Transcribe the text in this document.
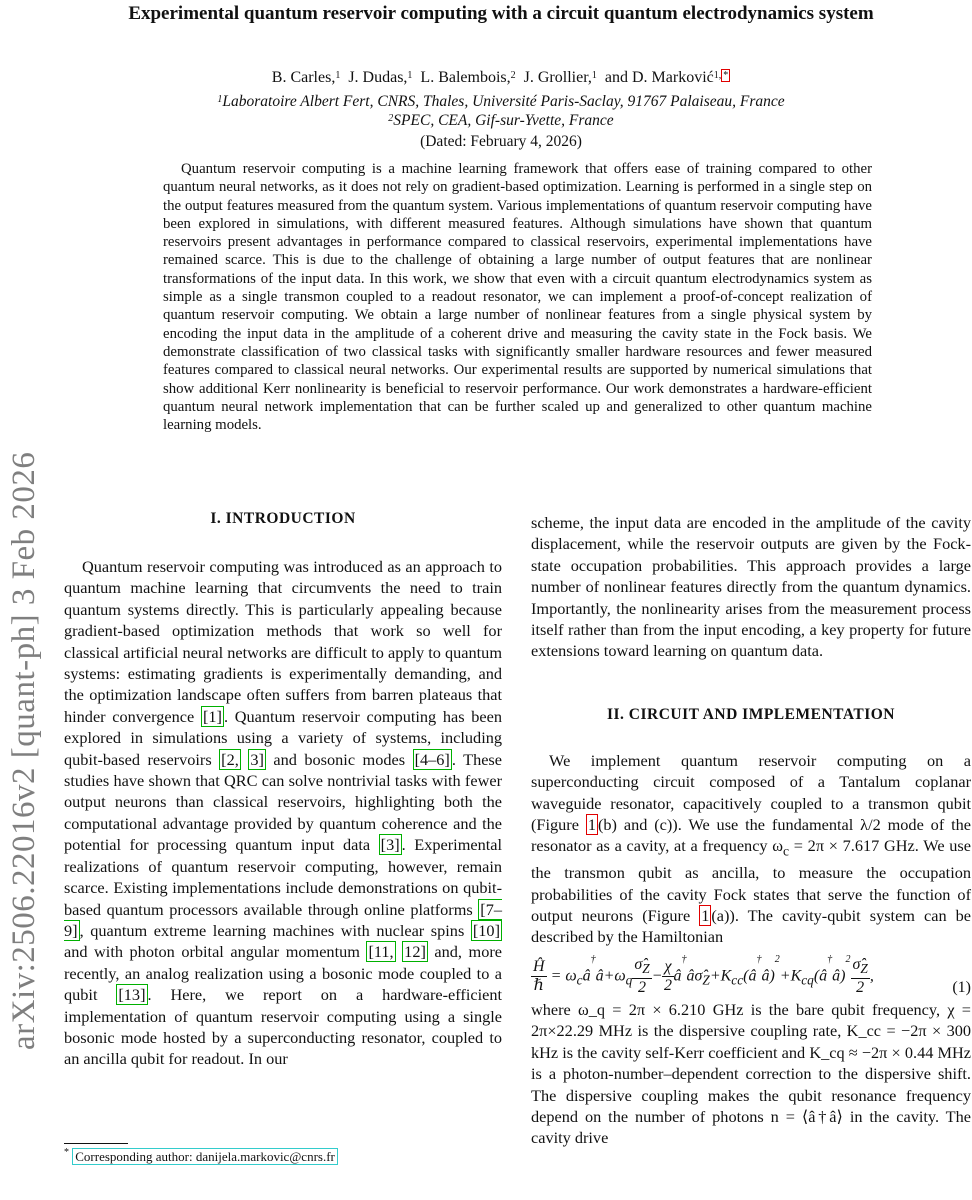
Experimental quantum reservoir computing with a circuit quantum electrodynamics system
B. Carles,$^1$ J. Dudas,$^1$ L. Balembois,$^2$ J. Grollier,$^1$ and D. Marković$^{1,}$ *
$^1$Laboratoire Albert Fert, CNRS, Thales, Université Paris-Saclay, 91767 Palaiseau, France
$^2$SPEC, CEA, Gif-sur-Yvette, France
(Dated: February 4, 2026)
Quantum reservoir computing is a machine learning framework that offers ease of training compared to other quantum neural networks, as it does not rely on gradient-based optimization. Learning is performed in a single step on the output features measured from the quantum system. Various implementations of quantum reservoir computing have been explored in simulations, with different measured features. Although simulations have shown that quantum reservoirs present advantages in performance compared to classical reservoirs, experimental implementations have remained scarce. This is due to the challenge of obtaining a large number of output features that are nonlinear transformations of the input data. In this work, we show that even with a circuit quantum electrodynamics system as simple as a single transmon coupled to a readout resonator, we can implement a proof-of-concept realization of quantum reservoir computing. We obtain a large number of nonlinear features from a single physical system by encoding the input data in the amplitude of a coherent drive and measuring the cavity state in the Fock basis. We demonstrate classification of two classical tasks with significantly smaller hardware resources and fewer measured features compared to classical neural networks. Our experimental results are supported by numerical simulations that show additional Kerr nonlinearity is beneficial to reservoir performance. Our work demonstrates a hardware-efficient quantum neural network implementation that can be further scaled up and generalized to other quantum machine learning models.
arXiv:2506.22016v2 [quant-ph] 3 Feb 2026	I. INTRODUCTION

Quantum reservoir computing was introduced as an approach to quantum machine learning that circumvents the need to train quantum systems directly. This is particularly appealing because gradient-based optimization methods that work so well for classical artificial neural networks are difficult to apply to quantum systems: estimating gradients is experimentally demanding, and the optimization landscape often suffers from barren plateaus that hinder convergence [1] . Quantum reservoir computing has been explored in simulations using a variety of systems, including qubit-based reservoirs [2, 3] and bosonic modes [4–6] . These studies have shown that QRC can solve nontrivial tasks with fewer output neurons than classical reservoirs, highlighting both the computational advantage provided by quantum coherence and the potential for processing quantum input data [3] . Experimental realizations of quantum reservoir computing, however, remain scarce. Existing implementations include demonstrations on qubit-based quantum processors available through online platforms [7–9] , quantum extreme learning machines with nuclear spins [10] and with photon orbital angular momentum [11, 12] and, more recently, an analog realization using a bosonic mode coupled to a qubit [13] . Here, we report on a hardware-efficient implementation of quantum reservoir computing using a single bosonic mode hosted by a superconducting resonator, coupled to an ancilla qubit for readout. In our

scheme, the input data are encoded in the amplitude of the cavity displacement, while the reservoir outputs are given by the Fock-state occupation probabilities. This approach provides a large number of nonlinear features directly from the quantum dynamics. Importantly, the nonlinearity arises from the measurement process itself rather than from the input encoding, a key property for future extensions toward learning on quantum data.

II. CIRCUIT AND IMPLEMENTATION

We implement quantum reservoir computing on a superconducting circuit composed of a Tantalum coplanar waveguide resonator, capacitively coupled to a transmon qubit (Figure 1 (b) and (c)). We use the fundamental λ/2 mode of the resonator as a cavity, at a frequency $\omega_c = 2\pi \times 7.617$ GHz. We use the transmon qubit as ancilla, to measure the occupation probabilities of the cavity Fock states that serve the function of output neurons (Figure 1 (a)). The cavity-qubit system can be described by the Hamiltonian

$\frac{Ĥ}{\text{ℏ}}$ = $\omega_câ^\dagger â+\omega_q \frac{\sigmâ_Z}{2} - \frac{\chi}{2}$ $â^\dagger â\sigmâ_Z+K_{cc}(â^\dagger â)^2+K_{cq}(â^\dagger â)^2 \frac{\sigmâ_Z}{2}$ ,
(1)

where ω_q = 2π × 6.210 GHz is the bare qubit frequency, χ = 2π×22.29 MHz is the dispersive coupling rate, K_cc = −2π × 300 kHz is the cavity self-Kerr coefficient and K_cq ≈ −2π × 0.44 MHz is a photon-number–dependent correction to the dispersive shift. The dispersive coupling makes the qubit resonance frequency depend on the number of photons n = ⟨â†â⟩ in the cavity. The cavity drive

* Corresponding author: danijela.markovic@cnrs.fr
